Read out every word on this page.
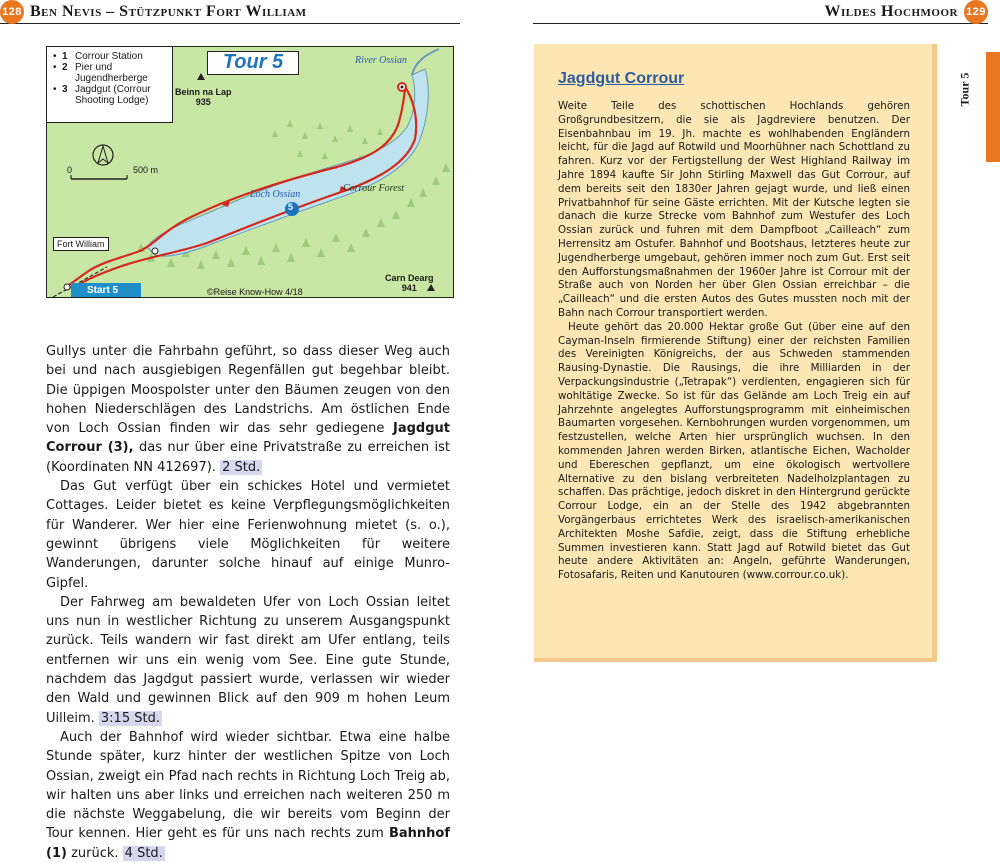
128 Ben Nevis – Stützpunkt Fort William
• 1 Corrour Station
• 2 Pier und Jugendherberge
• 3 Jagdgut (Corrour Shooting Lodge)
Tour 5	River Ossian
Beinn na Lap
935
0	500 m
Loch Ossian
Corrour Forest
5
Fort William
Start 5	©Reise Know-How 4/18
Carn Dearg
941

Gullys unter die Fahrbahn geführt, so dass dieser Weg auch bei und nach ausgiebigen Regenfällen gut begehbar bleibt. Die üppigen Moospolster unter den Bäumen zeugen von den hohen Niederschlägen des Landstrichs. Am östlichen Ende von Loch Ossian finden wir das sehr gediegene Jagdgut Corrour (3), das nur über eine Privatstraße zu erreichen ist (Koordinaten NN 412697). 2 Std.

Das Gut verfügt über ein schickes Hotel und vermietet Cottages. Leider bietet es keine Verpflegungsmöglichkeiten für Wanderer. Wer hier eine Ferienwohnung mietet (s. o.), gewinnt übrigens viele Möglichkeiten für weitere Wanderungen, darunter solche hinauf auf einige Munro-Gipfel.

Der Fahrweg am bewaldeten Ufer von Loch Ossian leitet uns nun in westlicher Richtung zu unserem Ausgangspunkt zurück. Teils wandern wir fast direkt am Ufer entlang, teils entfernen wir uns ein wenig vom See. Eine gute Stunde, nachdem das Jagdgut passiert wurde, verlassen wir wieder den Wald und gewinnen Blick auf den 909 m hohen Leum Uilleim. 3:15 Std.

Auch der Bahnhof wird wieder sichtbar. Etwa eine halbe Stunde später, kurz hinter der westlichen Spitze von Loch Ossian, zweigt ein Pfad nach rechts in Richtung Loch Treig ab, wir halten uns aber links und erreichen nach weiteren 250 m die nächste Weggabelung, die wir bereits vom Beginn der Tour kennen. Hier geht es für uns nach rechts zum Bahnhof (1) zurück. 4 Std.

Wildes Hochmoor 129
Tour 5
Jagdgut Corrour

Weite Teile des schottischen Hochlands gehören Großgrundbesitzern, die sie als Jagdreviere benutzen. Der Eisenbahnbau im 19. Jh. machte es wohlhabenden Engländern leicht, für die Jagd auf Rotwild und Moorhühner nach Schottland zu fahren. Kurz vor der Fertigstellung der West Highland Railway im Jahre 1894 kaufte Sir John Stirling Maxwell das Gut Corrour, auf dem bereits seit den 1830er Jahren gejagt wurde, und ließ einen Privatbahnhof für seine Gäste errichten. Mit der Kutsche legten sie danach die kurze Strecke vom Bahnhof zum Westufer des Loch Ossian zurück und fuhren mit dem Dampfboot „Cailleach“ zum Herrensitz am Ostufer. Bahnhof und Bootshaus, letzteres heute zur Jugendherberge umgebaut, gehören immer noch zum Gut. Erst seit den Aufforstungsmaßnahmen der 1960er Jahre ist Corrour mit der Straße auch von Norden her über Glen Ossian erreichbar – die „Cailleach“ und die ersten Autos des Gutes mussten noch mit der Bahn nach Corrour transportiert werden.

Heute gehört das 20.000 Hektar große Gut (über eine auf den Cayman-Inseln firmierende Stiftung) einer der reichsten Familien des Vereinigten Königreichs, der aus Schweden stammenden Rausing-Dynastie. Die Rausings, die ihre Milliarden in der Verpackungsindustrie („Tetrapak“) verdienten, engagieren sich für wohltätige Zwecke. So ist für das Gelände am Loch Treig ein auf Jahrzehnte angelegtes Aufforstungsprogramm mit einheimischen Baumarten vorgesehen. Kernbohrungen wurden vorgenommen, um festzustellen, welche Arten hier ursprünglich wuchsen. In den kommenden Jahren werden Birken, atlantische Eichen, Wacholder und Ebereschen gepflanzt, um eine ökologisch wertvollere Alternative zu den bislang verbreiteten Nadelholzplantagen zu schaffen. Das prächtige, jedoch diskret in den Hintergrund gerückte Corrour Lodge, ein an der Stelle des 1942 abgebrannten Vorgängerbaus errichtetes Werk des israelisch-amerikanischen Architekten Moshe Safdie, zeigt, dass die Stiftung erhebliche Summen investieren kann. Statt Jagd auf Rotwild bietet das Gut heute andere Aktivitäten an: Angeln, geführte Wanderungen, Fotosafaris, Reiten und Kanutouren (www.corrour.co.uk).
